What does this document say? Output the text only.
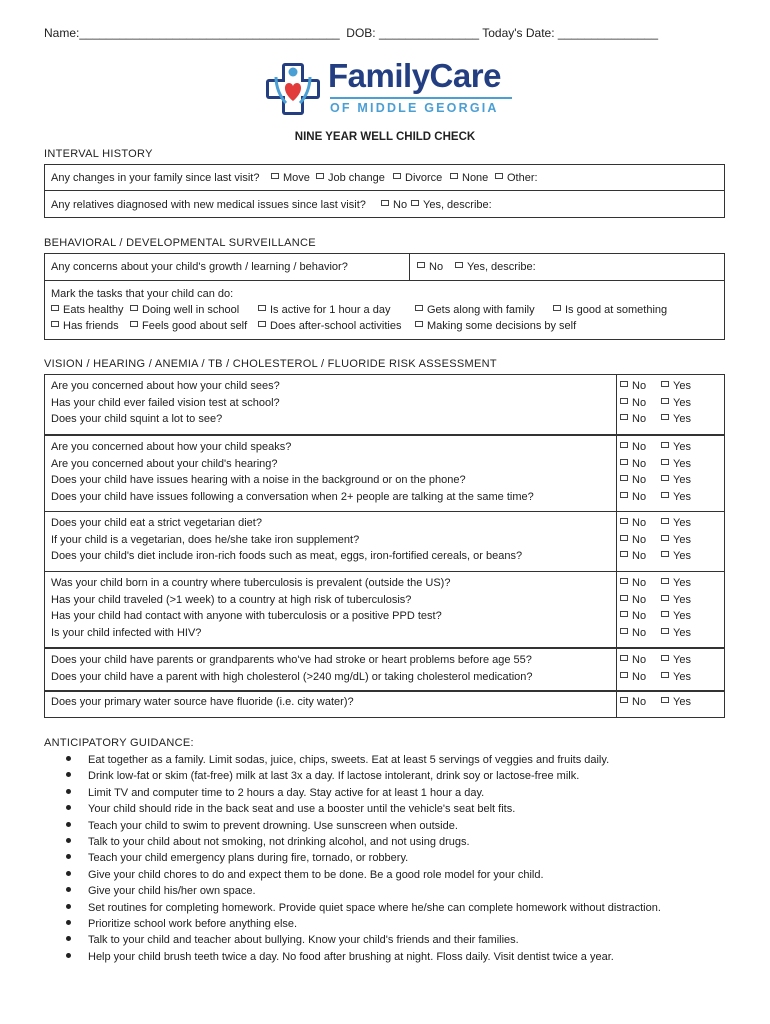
Name:_______________________________________ DOB: _______________ Today's Date: _______________
FamilyCare
OF MIDDLE GEORGIA
NINE YEAR WELL CHILD CHECK
INTERVAL HISTORY
Any changes in your family since last visit?	Move	Job change	Divorce	None	Other:
Any relatives diagnosed with new medical issues since last visit?	No	Yes, describe:
BEHAVIORAL / DEVELOPMENTAL SURVEILLANCE
Any concerns about your child's growth / learning / behavior?	No	Yes, describe:
Mark the tasks that your child can do:
Eats healthy	Doing well in school	Is active for 1 hour a day	Gets along with family	Is good at something
Has friends	Feels good about self	Does after-school activities	Making some decisions by self
VISION / HEARING / ANEMIA / TB / CHOLESTEROL / FLUORIDE RISK ASSESSMENT
Are you concerned about how your child sees?	No	Yes
Has your child ever failed vision test at school?	No	Yes
Does your child squint a lot to see?	No	Yes
Are you concerned about how your child speaks?	No	Yes
Are you concerned about your child's hearing?	No	Yes
Does your child have issues hearing with a noise in the background or on the phone?	No	Yes
Does your child have issues following a conversation when 2+ people are talking at the same time?	No	Yes
Does your child eat a strict vegetarian diet?	No	Yes
If your child is a vegetarian, does he/she take iron supplement?	No	Yes
Does your child's diet include iron-rich foods such as meat, eggs, iron-fortified cereals, or beans?	No	Yes
Was your child born in a country where tuberculosis is prevalent (outside the US)?	No	Yes
Has your child traveled (>1 week) to a country at high risk of tuberculosis?	No	Yes
Has your child had contact with anyone with tuberculosis or a positive PPD test?	No	Yes
Is your child infected with HIV?	No	Yes
Does your child have parents or grandparents who've had stroke or heart problems before age 55?	No	Yes
Does your child have a parent with high cholesterol (>240 mg/dL) or taking cholesterol medication?	No	Yes
Does your primary water source have fluoride (i.e. city water)?	No	Yes
ANTICIPATORY GUIDANCE:
Eat together as a family. Limit sodas, juice, chips, sweets. Eat at least 5 servings of veggies and fruits daily.
Drink low-fat or skim (fat-free) milk at last 3x a day. If lactose intolerant, drink soy or lactose-free milk.
Limit TV and computer time to 2 hours a day. Stay active for at least 1 hour a day.
Your child should ride in the back seat and use a booster until the vehicle's seat belt fits.
Teach your child to swim to prevent drowning. Use sunscreen when outside.
Talk to your child about not smoking, not drinking alcohol, and not using drugs.
Teach your child emergency plans during fire, tornado, or robbery.
Give your child chores to do and expect them to be done. Be a good role model for your child.
Give your child his/her own space.
Set routines for completing homework. Provide quiet space where he/she can complete homework without distraction.
Prioritize school work before anything else.
Talk to your child and teacher about bullying. Know your child's friends and their families.
Help your child brush teeth twice a day. No food after brushing at night. Floss daily. Visit dentist twice a year.
